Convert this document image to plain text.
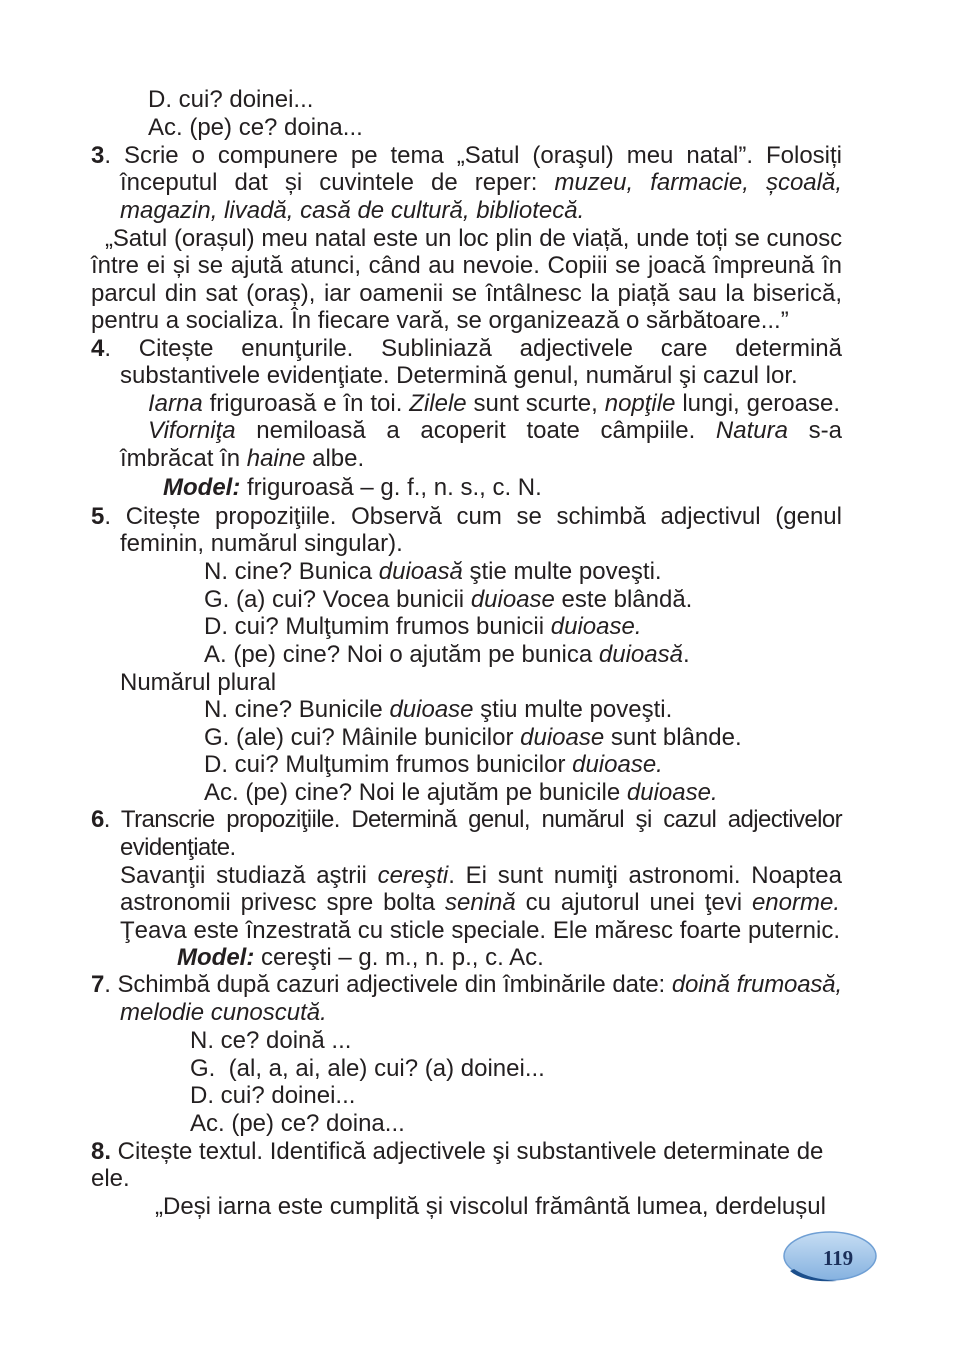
D. cui? doinei...
Ac. (pe) ce? doina...
3. Scrie o compunere pe tema „Satul (oraşul) meu natal”. Folosiți
începutul dat și cuvintele de reper: muzeu, farmacie, școală,
magazin, livadă, casă de cultură, bibliotecă.
„Satul (orașul) meu natal este un loc plin de viață, unde toți se cunosc
între ei și se ajută atunci, când au nevoie. Copiii se joacă împreună în
parcul din sat (oraș), iar oamenii se întâlnesc la piață sau la biserică,
pentru a socializa. În fiecare vară, se organizează o sărbătoare...”
4. Citește enunţurile. Subliniază adjectivele care determină
substantivele evidenţiate. Determină genul, numărul şi cazul lor.
Iarna friguroasă e în toi. Zilele sunt scurte, nopţile lungi, geroase.
Viforniţa nemiloasă a acoperit toate câmpiile. Natura s-a
îmbrăcat în haine albe.
Model: friguroasă – g. f., n. s., c. N.
5. Citește propoziţiile. Observă cum se schimbă adjectivul (genul
feminin, numărul singular).
N. cine? Bunica duioasă ştie multe poveşti.
G. (a) cui? Vocea bunicii duioase este blândă.
D. cui? Mulţumim frumos bunicii duioase.
A. (pe) cine? Noi o ajutăm pe bunica duioasă.
Numărul plural
N. cine? Bunicile duioase ştiu multe poveşti.
G. (ale) cui? Mâinile bunicilor duioase sunt blânde.
D. cui? Mulţumim frumos bunicilor duioase.
Ac. (pe) cine? Noi le ajutăm pe bunicile duioase.
6. Transcrie propoziţiile. Determină genul, numărul şi cazul adjectivelor
evidenţiate.
Savanţii studiază aştrii cereşti. Ei sunt numiţi astronomi. Noaptea
astronomii privesc spre bolta senină cu ajutorul unei ţevi enorme.
Ţeava este înzestrată cu sticle speciale. Ele măresc foarte puternic.
Model: cereşti – g. m., n. p., c. Ac.
7. Schimbă după cazuri adjectivele din îmbinările date: doină frumoasă,
melodie cunoscută.
N. ce? doină ...
G.  (al, a, ai, ale) cui? (a) doinei...
D. cui? doinei...
Ac. (pe) ce? doina...
8. Citește textul. Identifică adjectivele şi substantivele determinate de
ele.
„Deși iarna este cumplită și viscolul frământă lumea, derdelușul
119
